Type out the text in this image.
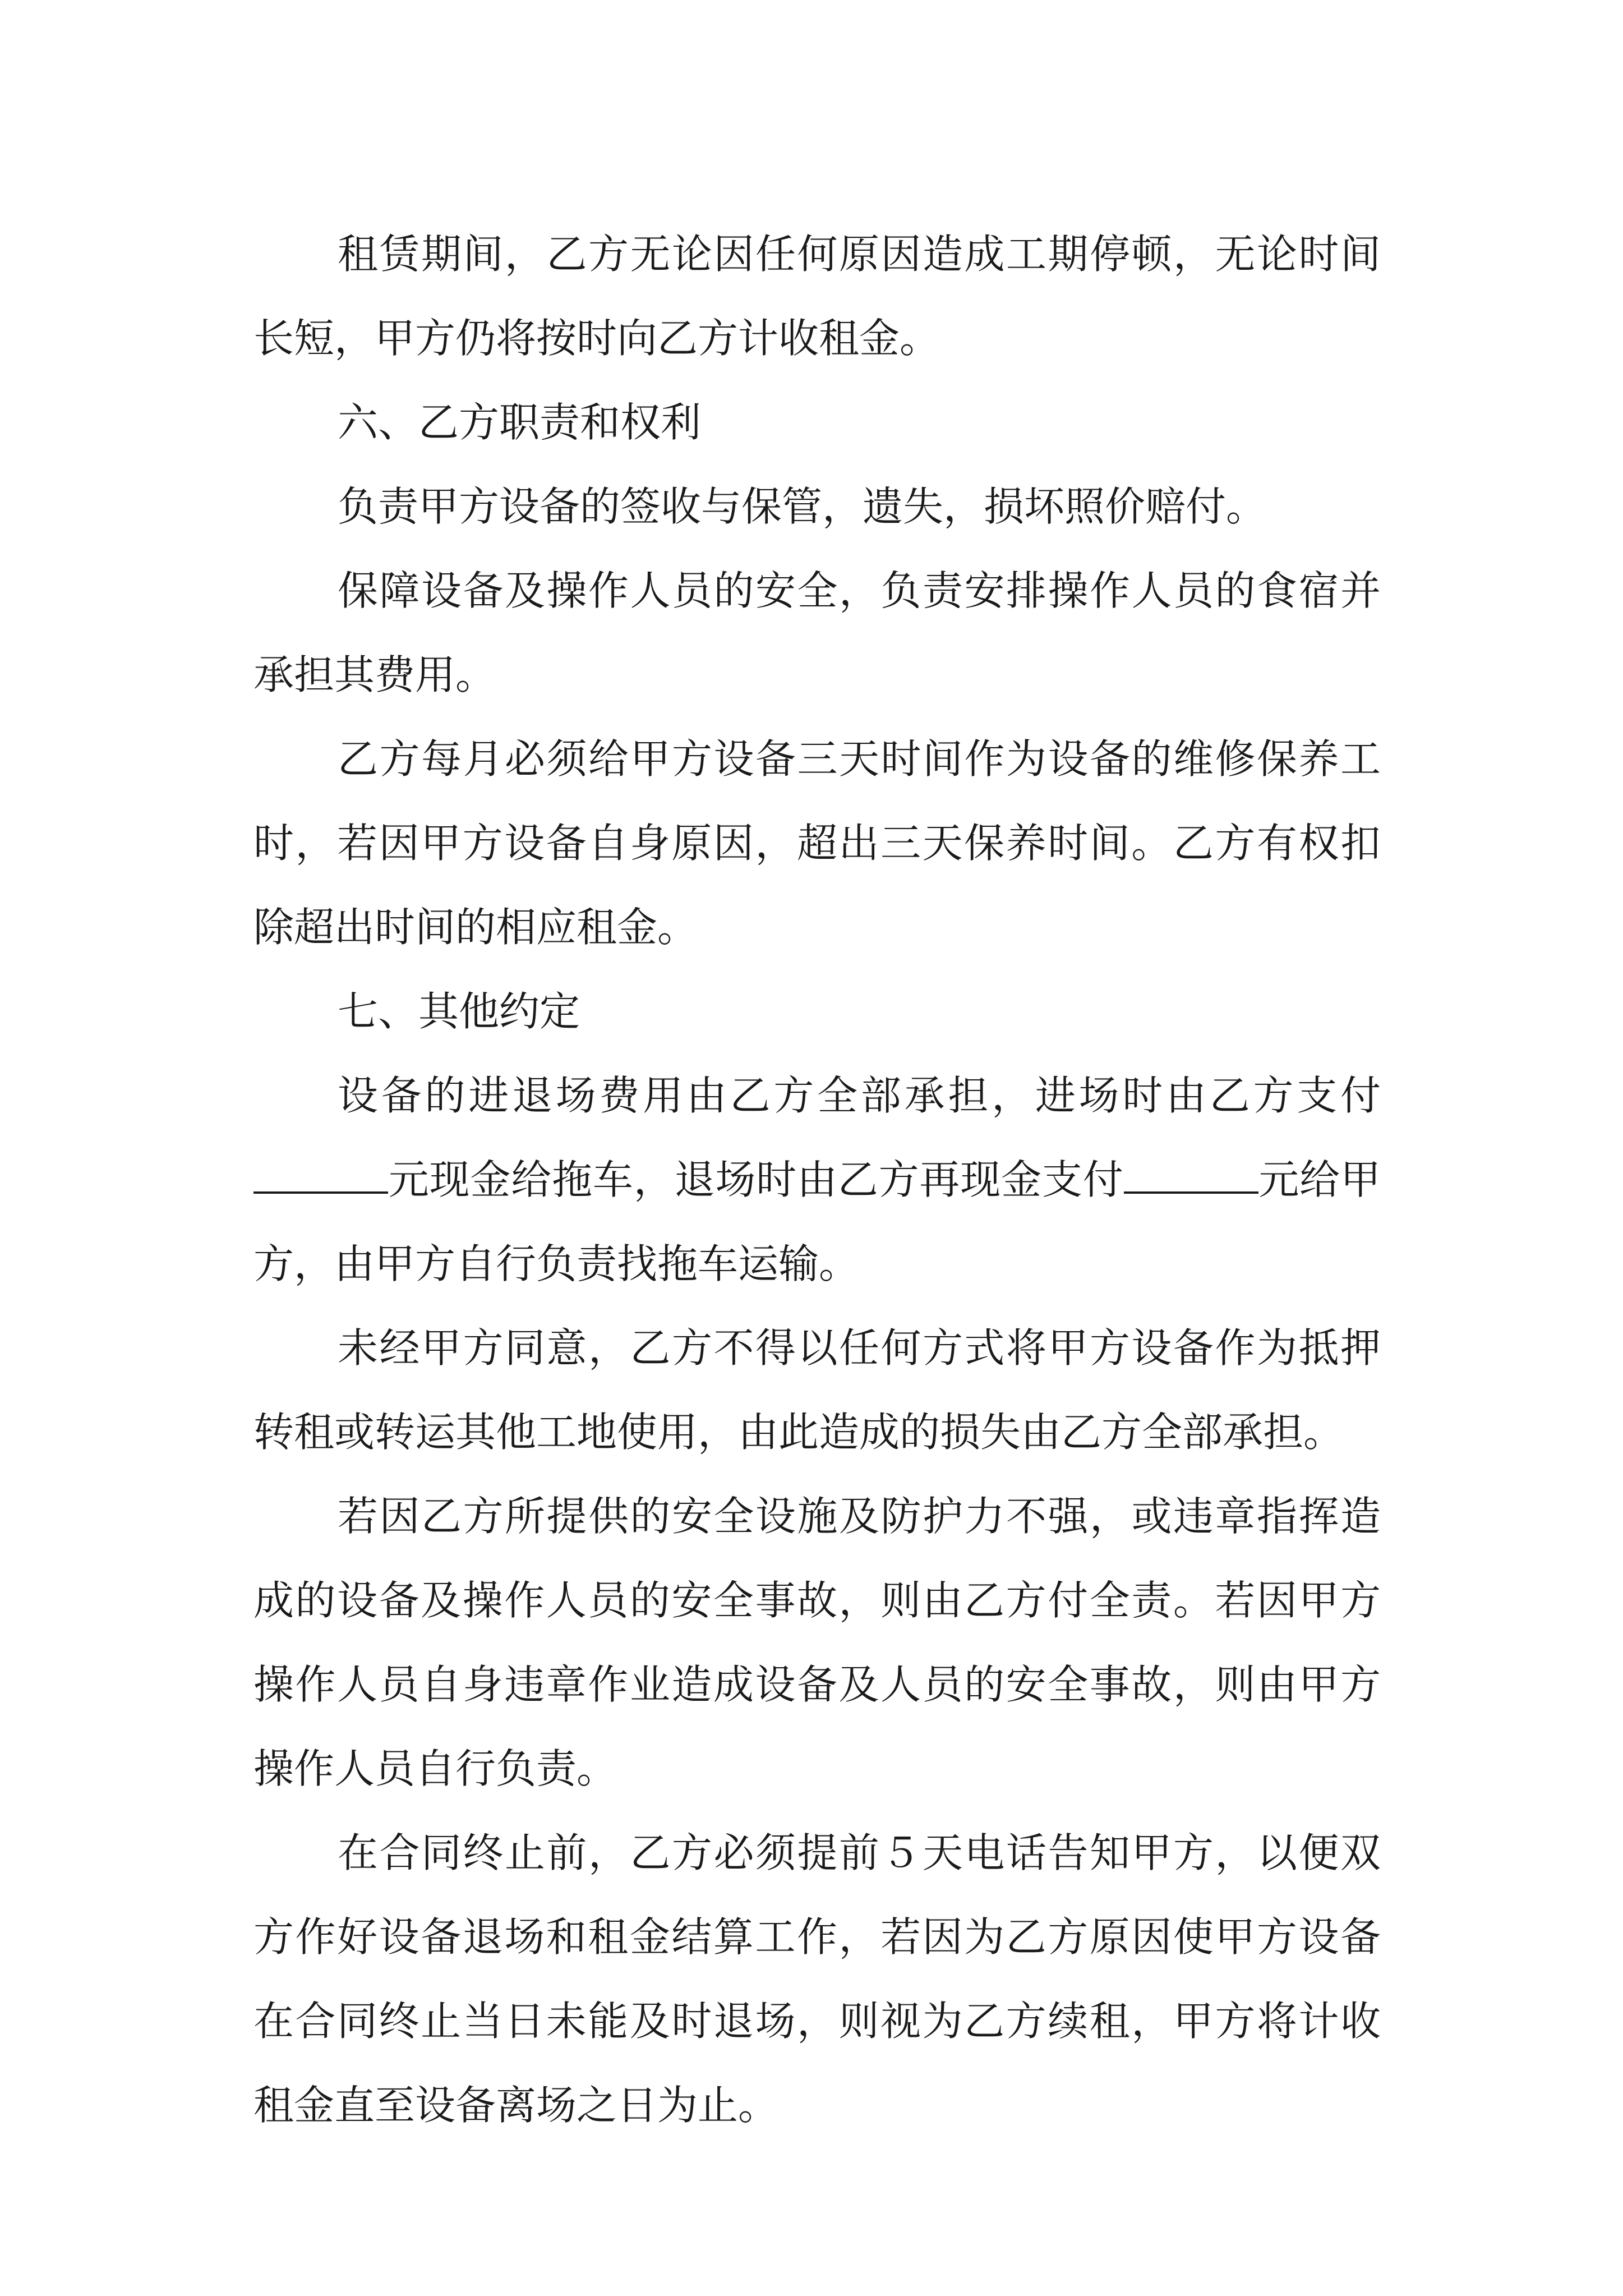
租赁期间，乙方无论因任何原因造成工期停顿，无论时间长短，甲方仍将按时向乙方计收租金。

六、乙方职责和权利

负责甲方设备的签收与保管，遗失，损坏照价赔付。

保障设备及操作人员的安全，负责安排操作人员的食宿并承担其费用。

乙方每月必须给甲方设备三天时间作为设备的维修保养工时，若因甲方设备自身原因，超出三天保养时间。乙方有权扣除超出时间的相应租金。

七、其他约定

设备的进退场费用由乙方全部承担，进场时由乙方支付元现金给拖车，退场时由乙方再现金支付	元给甲方，由甲方自行负责找拖车运输。

未经甲方同意，乙方不得以任何方式将甲方设备作为抵押转租或转运其他工地使用，由此造成的损失由乙方全部承担。

若因乙方所提供的安全设施及防护力不强，或违章指挥造成的设备及操作人员的安全事故，则由乙方付全责。若因甲方操作人员自身违章作业造成设备及人员的安全事故，则由甲方操作人员自行负责。

在合同终止前，乙方必须提前５天电话告知甲方，以便双方作好设备退场和租金结算工作，若因为乙方原因使甲方设备在合同终止当日未能及时退场，则视为乙方续租，甲方将计收租金直至设备离场之日为止。
